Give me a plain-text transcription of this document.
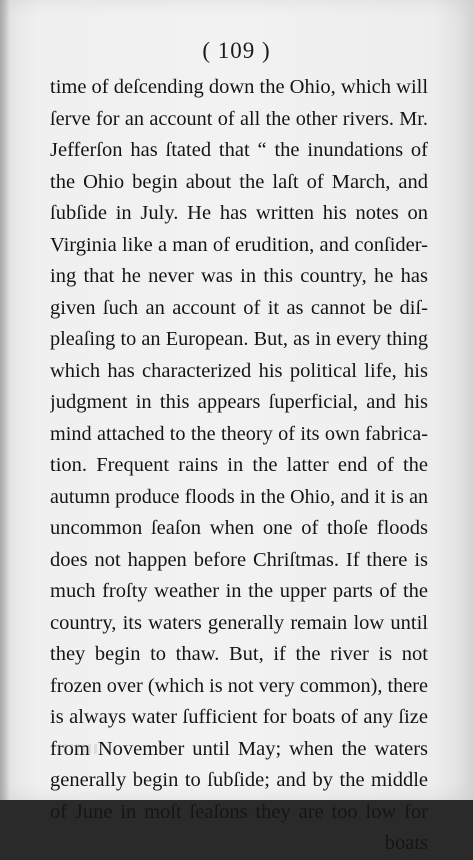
( 109 )
time of deſcending down the Ohio, which will
ſerve for an account of all the other rivers. Mr.
Jefferſon has ſtated that “ the inundations of
the Ohio begin about the laſt of March, and
ſubſide in July. He has written his notes on
Virginia like a man of erudition, and conſider-
ing that he never was in this country, he has
given ſuch an account of it as cannot be diſ-
pleaſing to an European. But, as in every thing
which has characterized his political life, his
judgment in this appears ſuperficial, and his
mind attached to the theory of its own fabrica-
tion. Frequent rains in the latter end of the
autumn produce floods in the Ohio, and it is an
uncommon ſeaſon when one of thoſe floods
does not happen before Chriſtmas. If there is
much froſty weather in the upper parts of the
country, its waters generally remain low until
they begin to thaw. But, if the river is not
frozen over (which is not very common), there
is always water ſufficient for boats of any ſize
from November until May; when the waters
generally begin to ſubſide; and by the middle
of June in moſt ſeaſons they are too low for
boats
